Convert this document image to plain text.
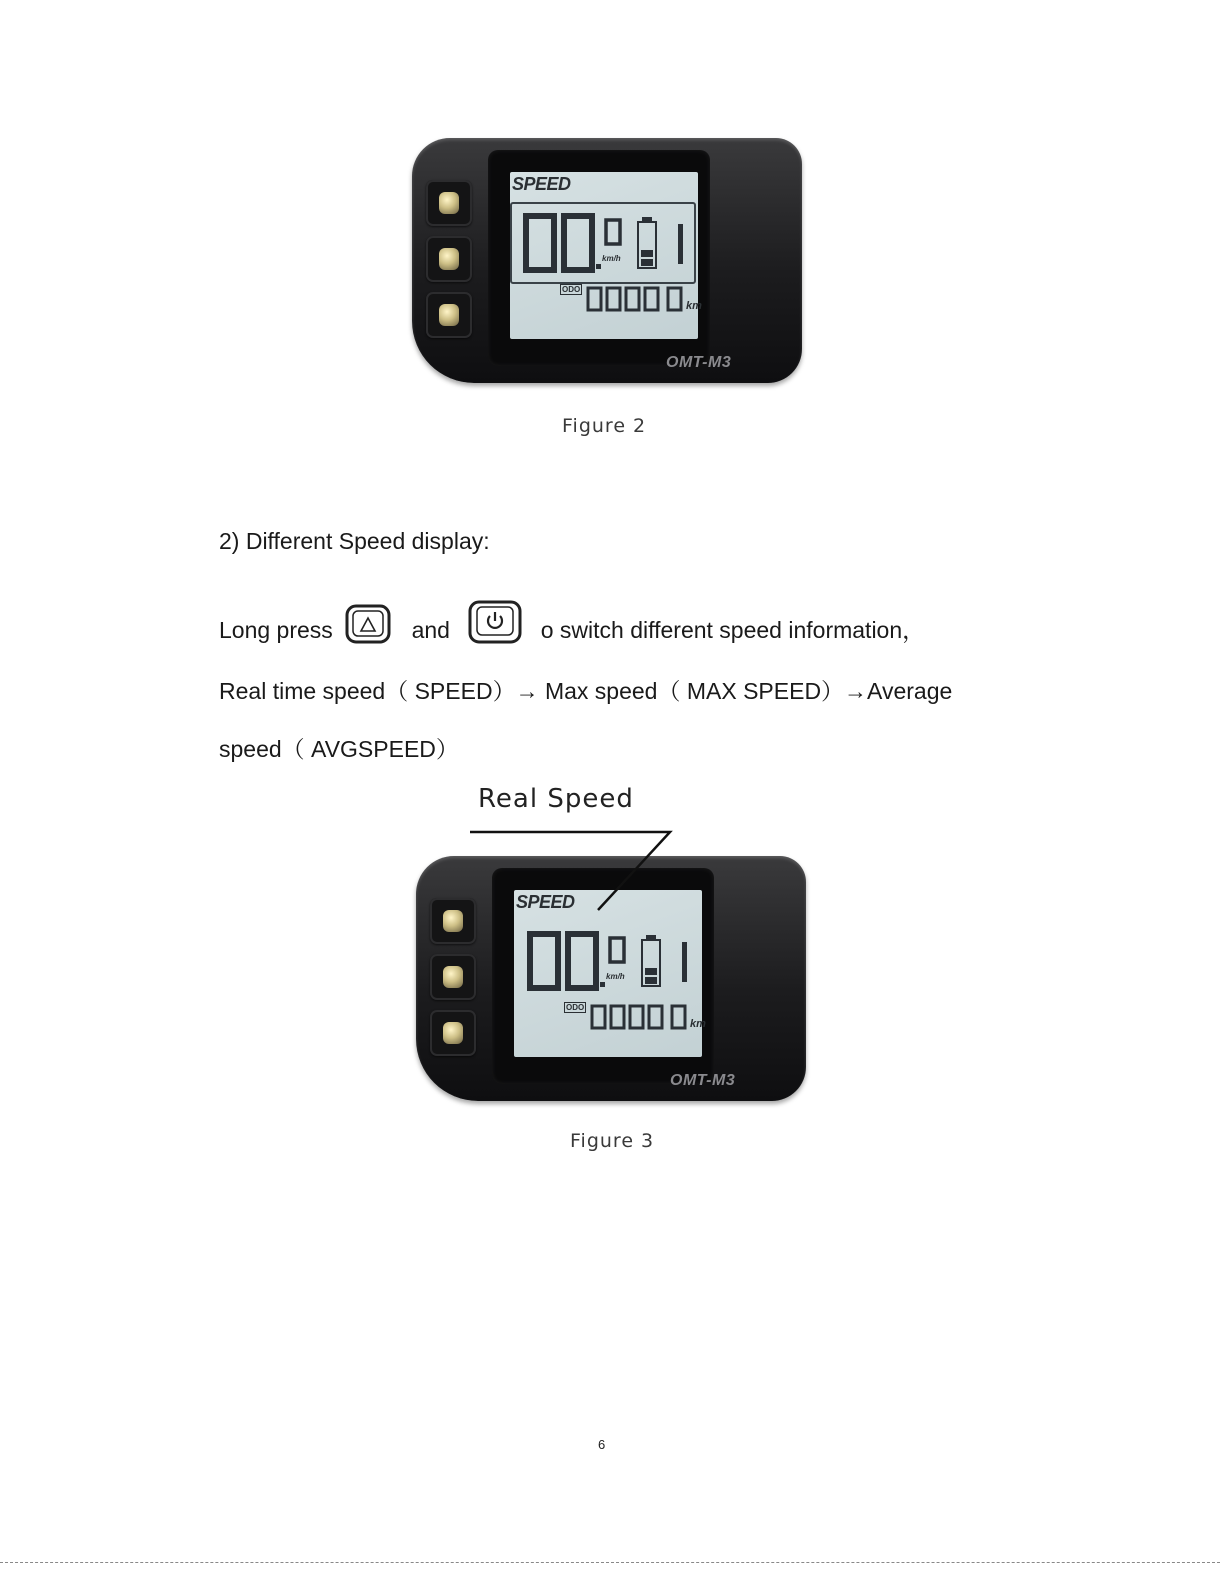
SPEED
km/h
ODO
km
OMT-M3
Figure 2
2) Different Speed display:
Long press	and	o switch different speed information，
Real time speed（ SPEED）→ Max speed（ MAX SPEED）→Average
speed（ AVGSPEED）
Real Speed
SPEED
km/h
ODO
km
OMT-M3
Figure 3
6
